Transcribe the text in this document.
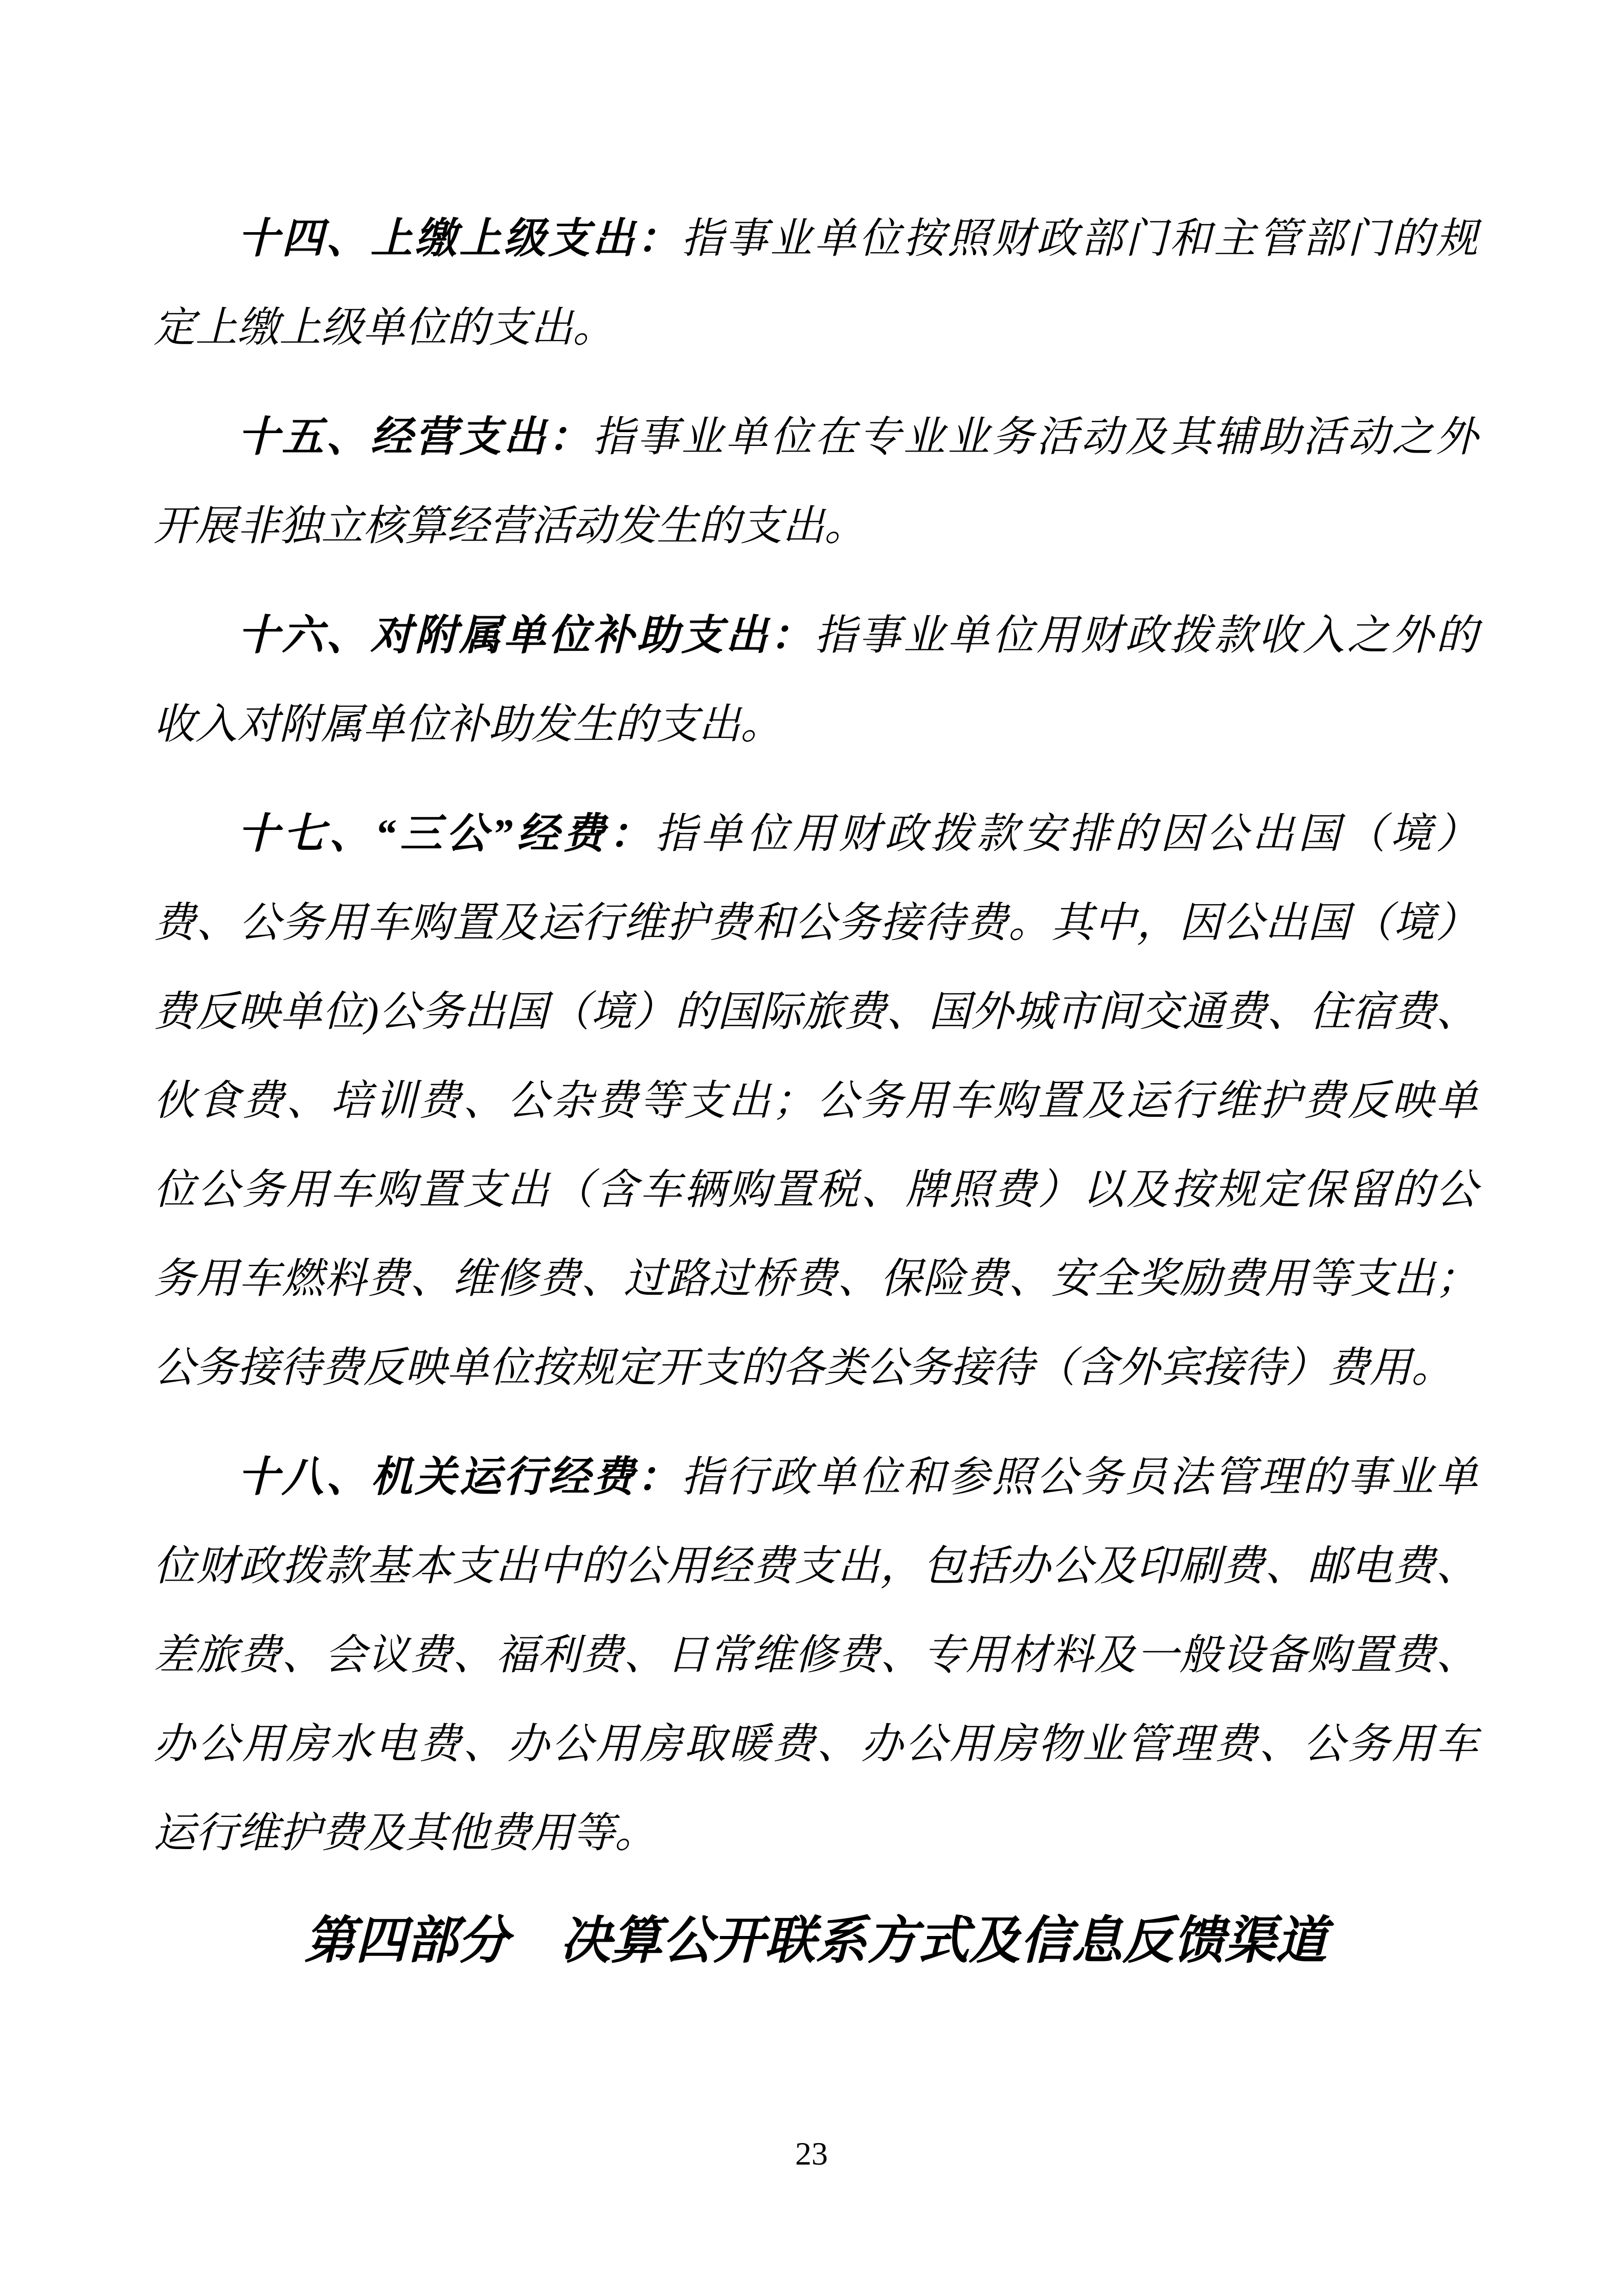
十四、上缴上级支出：指事业单位按照财政部门和主管部门的规
定上缴上级单位的支出。
十五、经营支出：指事业单位在专业业务活动及其辅助活动之外
开展非独立核算经营活动发生的支出。
十六、对附属单位补助支出：指事业单位用财政拨款收入之外的
收入对附属单位补助发生的支出。
十七、“三公”经费：指单位用财政拨款安排的因公出国（境）
费、公务用车购置及运行维护费和公务接待费。其中，因公出国（境）
费反映单位)公务出国（境）的国际旅费、国外城市间交通费、住宿费、
伙食费、培训费、公杂费等支出；公务用车购置及运行维护费反映单
位公务用车购置支出（含车辆购置税、牌照费）以及按规定保留的公
务用车燃料费、维修费、过路过桥费、保险费、安全奖励费用等支出；
公务接待费反映单位按规定开支的各类公务接待（含外宾接待）费用。
十八、机关运行经费：指行政单位和参照公务员法管理的事业单
位财政拨款基本支出中的公用经费支出，包括办公及印刷费、邮电费、
差旅费、会议费、福利费、日常维修费、专用材料及一般设备购置费、
办公用房水电费、办公用房取暖费、办公用房物业管理费、公务用车
运行维护费及其他费用等。
第四部分　决算公开联系方式及信息反馈渠道
23
